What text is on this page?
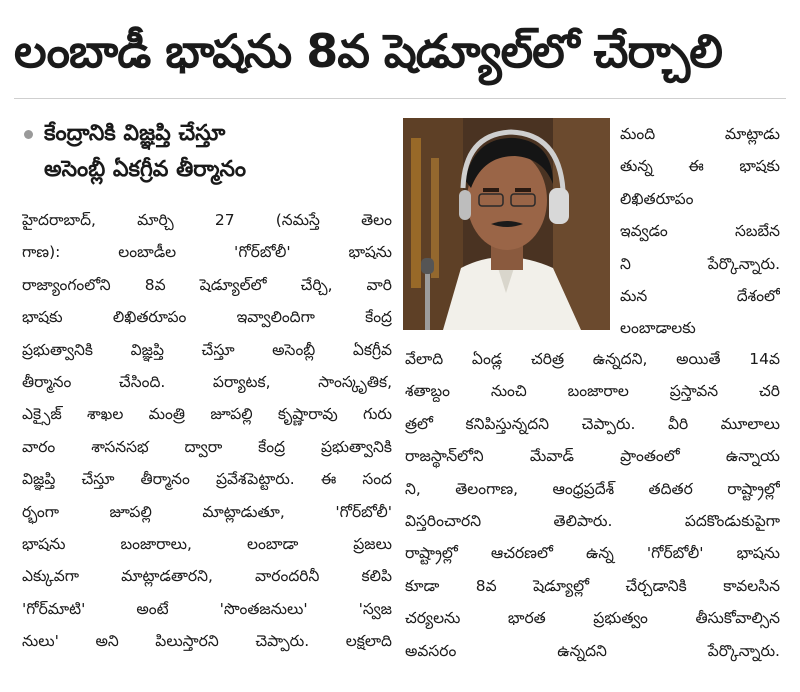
లంబాడీ భాషను 8వ షెడ్యూల్‌లో చేర్చాలి
కేంద్రానికి విజ్ఞప్తి చేస్తూ
అసెంబ్లీ ఏకగ్రీవ తీర్మానం
హైదరాబాద్, మార్చి 27 (నమస్తే తెలం
గాణ): లంబాడీల 'గోర్‌బోలీ' భాషను
రాజ్యాంగంలోని 8వ షెడ్యూల్‌లో చేర్చి, వారి
భాషకు లిఖితరూపం ఇవ్వాలిందిగా కేంద్ర
ప్రభుత్వానికి విజ్ఞప్తి చేస్తూ అసెంబ్లీ ఏకగ్రీవ
తీర్మానం చేసింది. పర్యాటక, సాంస్కృతిక,
ఎక్సైజ్ శాఖల మంత్రి జూపల్లి కృష్ణారావు గురు
వారం శాసనసభ ద్వారా కేంద్ర ప్రభుత్వానికి
విజ్ఞప్తి చేస్తూ తీర్మానం ప్రవేశపెట్టారు. ఈ సంద
ర్భంగా జూపల్లి మాట్లాడుతూ, 'గోర్‌బోలీ'
భాషను బంజారాలు, లంబాడా ప్రజలు
ఎక్కువగా మాట్లాడతారని, వారందరినీ కలిపి
'గోర్‌మాటి' అంటే 'సొంతజనులు' 'స్వజ
నులు' అని పిలుస్తారని చెప్పారు. లక్షలాది
మంది మాట్లాడు
తున్న ఈ భాషకు
లిఖితరూపం
ఇవ్వడం సబబేన
ని పేర్కొన్నారు.
మన దేశంలో
లంబాడాలకు
వేలాది ఏండ్ల చరిత్ర ఉన్నదని, అయితే 14వ
శతాబ్దం నుంచి బంజారాల ప్రస్తావన చరి
త్రలో కనిపిస్తున్నదని చెప్పారు. వీరి మూలాలు
రాజస్థాన్‌లోని మేవాడ్ ప్రాంతంలో ఉన్నాయ
ని, తెలంగాణ, ఆంధ్రప్రదేశ్ తదితర రాష్ట్రాల్లో
విస్తరించారని తెలిపారు. పదకొండుకుపైగా
రాష్ట్రాల్లో ఆచరణలో ఉన్న 'గోర్‌బోలీ' భాషను
కూడా 8వ షెడ్యూల్లో చేర్చడానికి కావలసిన
చర్యలను భారత ప్రభుత్వం తీసుకోవాల్సిన
అవసరం ఉన్నదని పేర్కొన్నారు.
